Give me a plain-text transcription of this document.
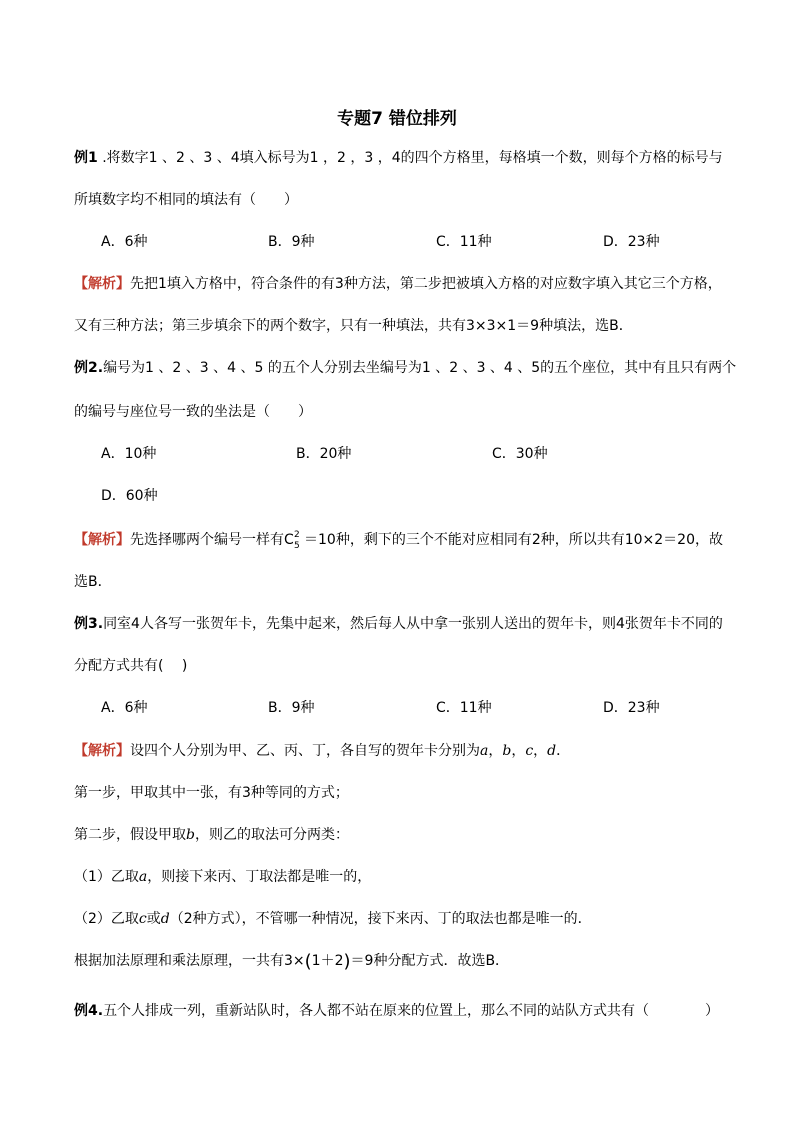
专题7 错位排列
例1 .将数字1 、2 、3 、4填入标号为1 ，2 ，3 ，4的四个方格里，每格填一个数，则每个方格的标号与
所填数字均不相同的填法有（　　）
A．6种	B．9种	C．11种	D．23种
【解析】先把1填入方格中，符合条件的有3种方法，第二步把被填入方格的对应数字填入其它三个方格，
又有三种方法；第三步填余下的两个数字，只有一种填法，共有3×3×1＝9种填法，选B．
例2.编号为1 、2 、3 、4 、5 的五个人分别去坐编号为1 、2 、3 、4 、5的五个座位，其中有且只有两个
的编号与座位号一致的坐法是（　　）
A．10种	B．20种	C．30种
D．60种
【解析】先选择哪两个编号一样有 C 2
5 ＝10种，剩下的三个不能对应相同有2种，所以共有10×2＝20，故
选B．
例3.同室4人各写一张贺年卡，先集中起来，然后每人从中拿一张别人送出的贺年卡，则4张贺年卡不同的
分配方式共有(　 )
A．6种	B．9种	C．11种	D．23种
【解析】设四个人分别为甲、乙、丙、丁，各自写的贺年卡分别为a，b，c，d．
第一步，甲取其中一张，有3种等同的方式；
第二步，假设甲取b，则乙的取法可分两类：
（1）乙取a，则接下来丙、丁取法都是唯一的，
（2）乙取c或d（2种方式），不管哪一种情况，接下来丙、丁的取法也都是唯一的．
根据加法原理和乘法原理，一共有3×(1＋2)＝9种分配方式．故选B．
例4.五个人排成一列，重新站队时，各人都不站在原来的位置上，那么不同的站队方式共有（　　　　）
